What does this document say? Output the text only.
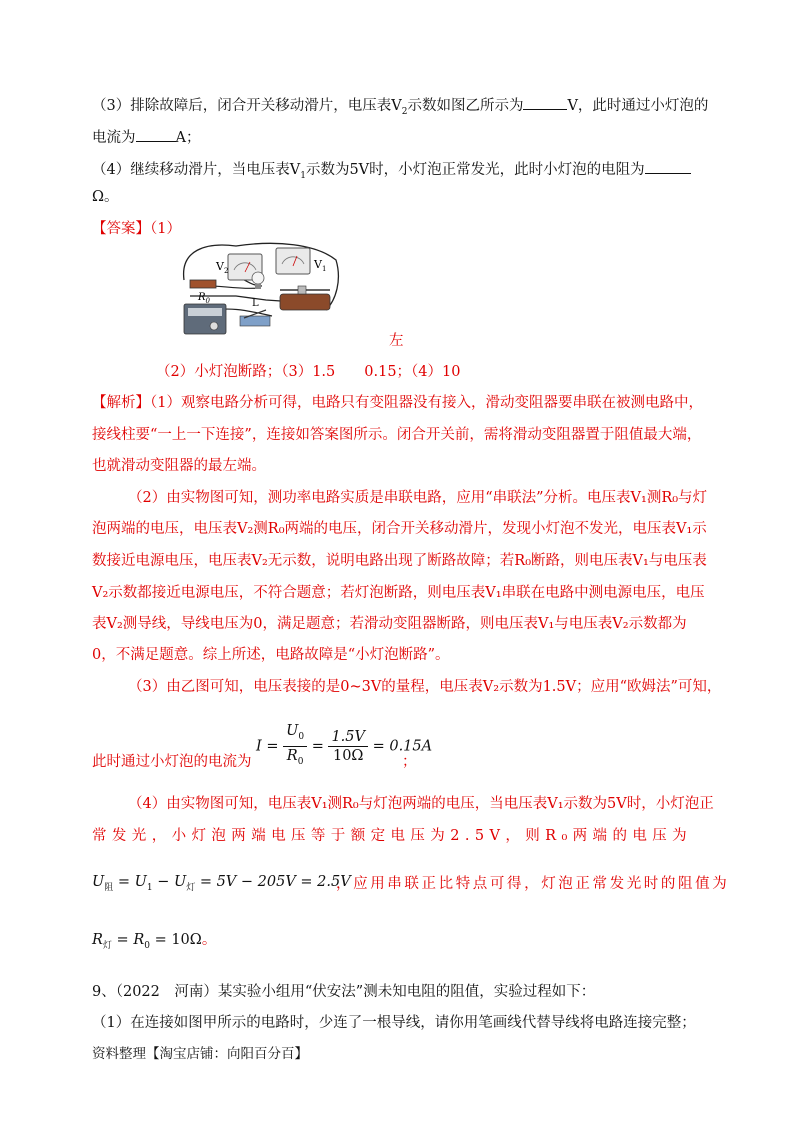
（3）排除故障后，闭合开关移动滑片，电压表$V_2$示数如图乙所示为	V，此时通过小灯泡的
电流为	A；
（4）继续移动滑片，当电压表$V_1$示数为5V时，小灯泡正常发光，此时小灯泡的电阻为
Ω。
【答案】（1）
$V_2$	$V_1$
$R_0$	L
左
（2）小灯泡断路；（3）1.5　　0.15；（4）10
【解析】（1）观察电路分析可得，电路只有变阻器没有接入，滑动变阻器要串联在被测电路中，
接线柱要“一上一下连接”，连接如答案图所示。闭合开关前，需将滑动变阻器置于阻值最大端，
也就滑动变阻器的最左端。
（2）由实物图可知，测功率电路实质是串联电路，应用“串联法”分析。电压表V₁测R₀与灯
泡两端的电压，电压表V₂测R₀两端的电压，闭合开关移动滑片，发现小灯泡不发光，电压表V₁示
数接近电源电压，电压表V₂无示数，说明电路出现了断路故障；若R₀断路，则电压表V₁与电压表
V₂示数都接近电源电压，不符合题意；若灯泡断路，则电压表V₁串联在电路中测电源电压，电压
表V₂测导线，导线电压为0，满足题意；若滑动变阻器断路，则电压表V₁与电压表V₂示数都为
0，不满足题意。综上所述，电路故障是“小灯泡断路”。
（3）由乙图可知，电压表接的是0~3V的量程，电压表V₂示数为1.5V；应用“欧姆法”可知，
$I = \frac{U_0}{R_0} = \frac{1.5V}{10\Omega} = 0.15A$
此时通过小灯泡的电流为	；
（4）由实物图可知，电压表V₁测R₀与灯泡两端的电压，当电压表V₁示数为5V时，小灯泡正
常发光，小灯泡两端电压等于额定电压为2.5V，则R₀两端的电压为
$U_阻 = U_1 - U_灯 = 5V - 205V = 2.5V$
，应用串联正比特点可得，灯泡正常发光时的阻值为
$R_灯 = R_0 = 10\Omega$。
9、（2022　河南）某实验小组用“伏安法”测未知电阻的阻值，实验过程如下：
（1）在连接如图甲所示的电路时，少连了一根导线，请你用笔画线代替导线将电路连接完整；
资料整理【淘宝店铺：向阳百分百】
